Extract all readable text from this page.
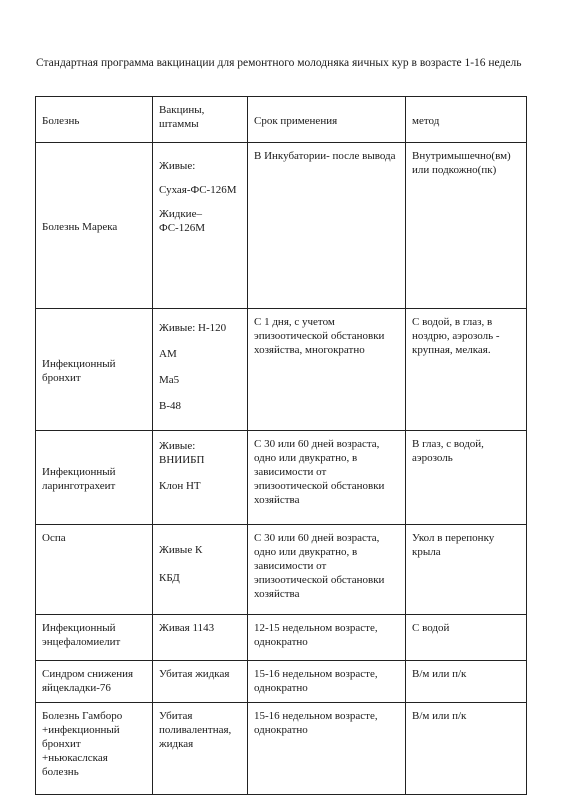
Стандартная программа вакцинации для ремонтного молодняка яичных кур в возрасте 1-16 недель

Болезнь	Вакцины, штаммы	Срок применения	метод
Болезнь Марека	Живые:
Сухая-ФС-126М
Жидкие–ФС-126М	В Инкубатории- после вывода	Внутримышечно(вм) или подкожно(пк)
Инфекционный бронхит	Живые: Н-120
АМ
Ма5
В-48	С 1 дня, с учетом эпизоотической обстановки хозяйства, многократно	С водой, в глаз, в ноздрю, аэрозоль - крупная, мелкая.
Инфекционный ларинготрахеит	Живые: ВНИИБП
Клон НТ	С 30 или 60 дней возраста, одно или двукратно, в зависимости от эпизоотической обстановки хозяйства	В глаз, с водой, аэрозоль
Оспа	Живые К
КБД	С 30 или 60 дней возраста, одно или двукратно, в зависимости от эпизоотической обстановки хозяйства	Укол в перепонку крыла
Инфекционный энцефаломиелит	Живая 1143	12-15 недельном возрасте, однократно	С водой
Синдром снижения яйцекладки-76	Убитая жидкая	15-16 недельном возрасте, однократно	В/м или п/к
Болезнь Гамборо +инфекционный бронхит +ньюкаслская болезнь	Убитая поливалентная, жидкая	15-16 недельном возрасте, однократно	В/м или п/к
